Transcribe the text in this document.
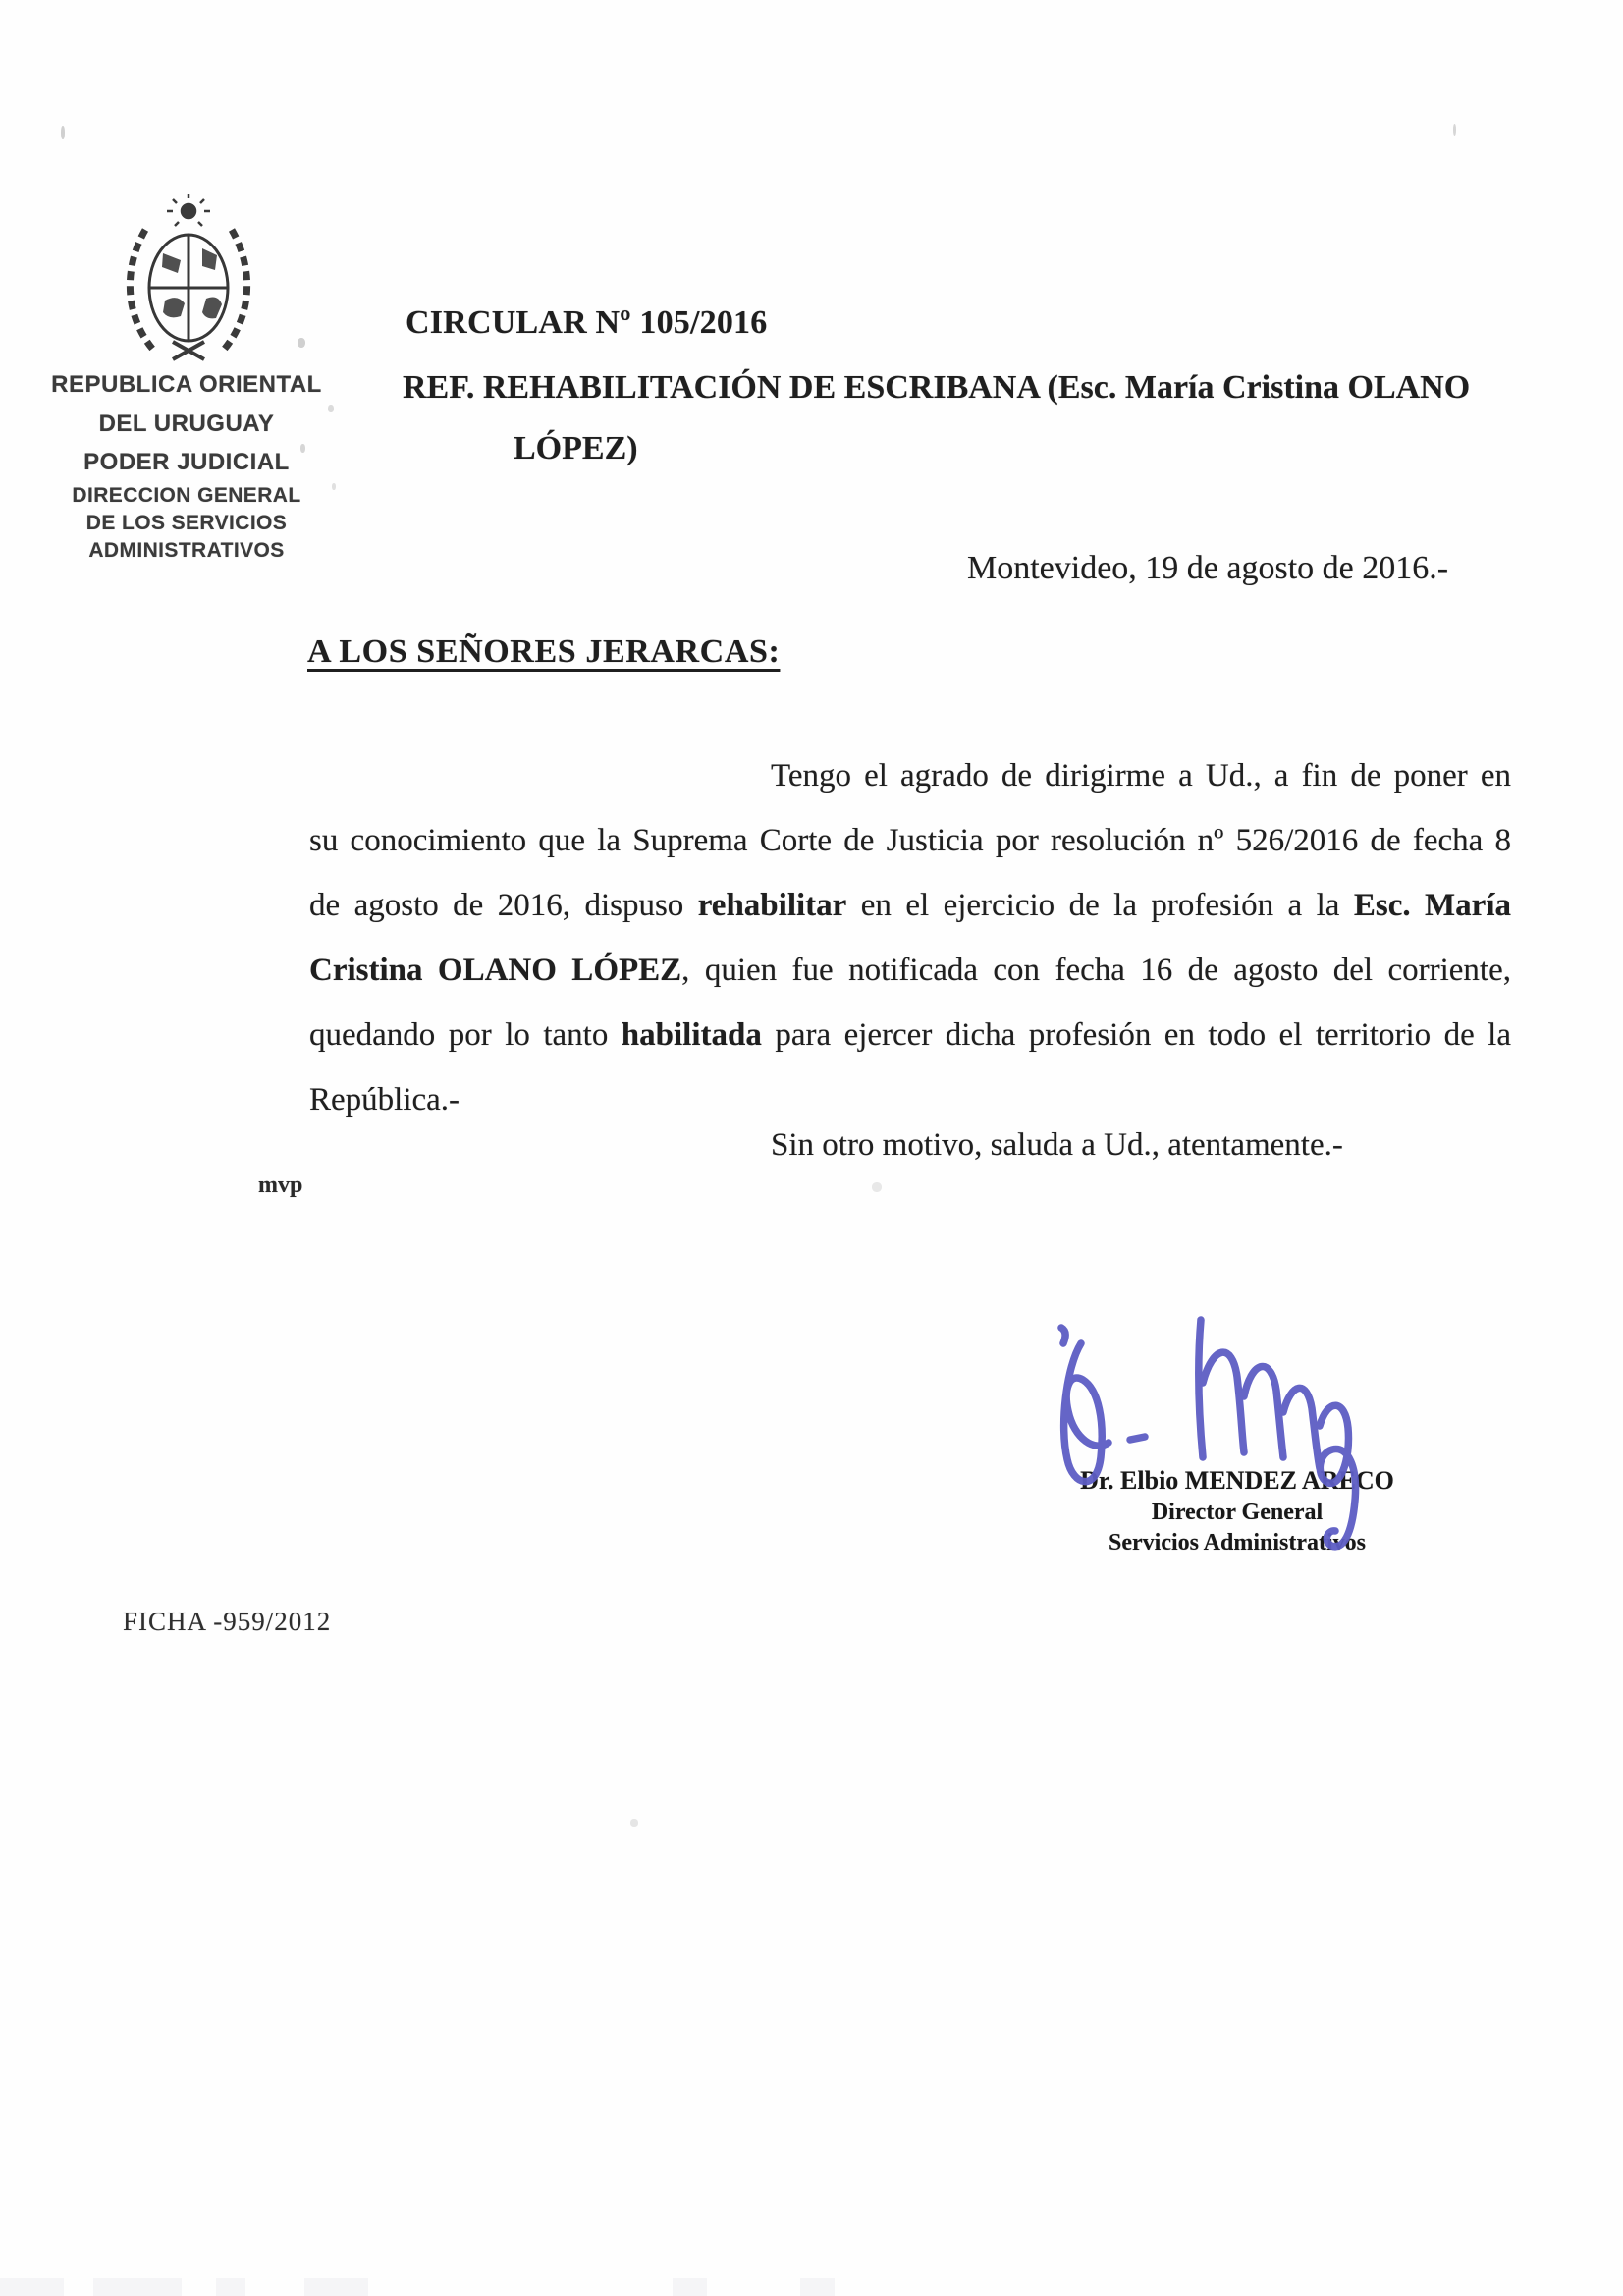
REPUBLICA ORIENTAL
DEL URUGUAY
PODER JUDICIAL
DIRECCION GENERAL
DE LOS SERVICIOS
ADMINISTRATIVOS
CIRCULAR Nº 105/2016
REF. REHABILITACIÓN DE ESCRIBANA (Esc. María Cristina OLANO
LÓPEZ)
Montevideo, 19 de agosto de 2016.-
A LOS SEÑORES JERARCAS:
Tengo el agrado de dirigirme a Ud., a fin de poner en su conocimiento que la Suprema Corte de Justicia por resolución nº 526/2016 de fecha 8 de agosto de 2016, dispuso rehabilitar en el ejercicio de la profesión a la Esc. María Cristina OLANO LÓPEZ, quien fue notificada con fecha 16 de agosto del corriente, quedando por lo tanto habilitada para ejercer dicha profesión en todo el territorio de la República.-
Sin otro motivo, saluda a Ud., atentamente.-
mvp
Dr. Elbio MENDEZ ARECO
Director General
Servicios Administrativos
FICHA -959/2012
